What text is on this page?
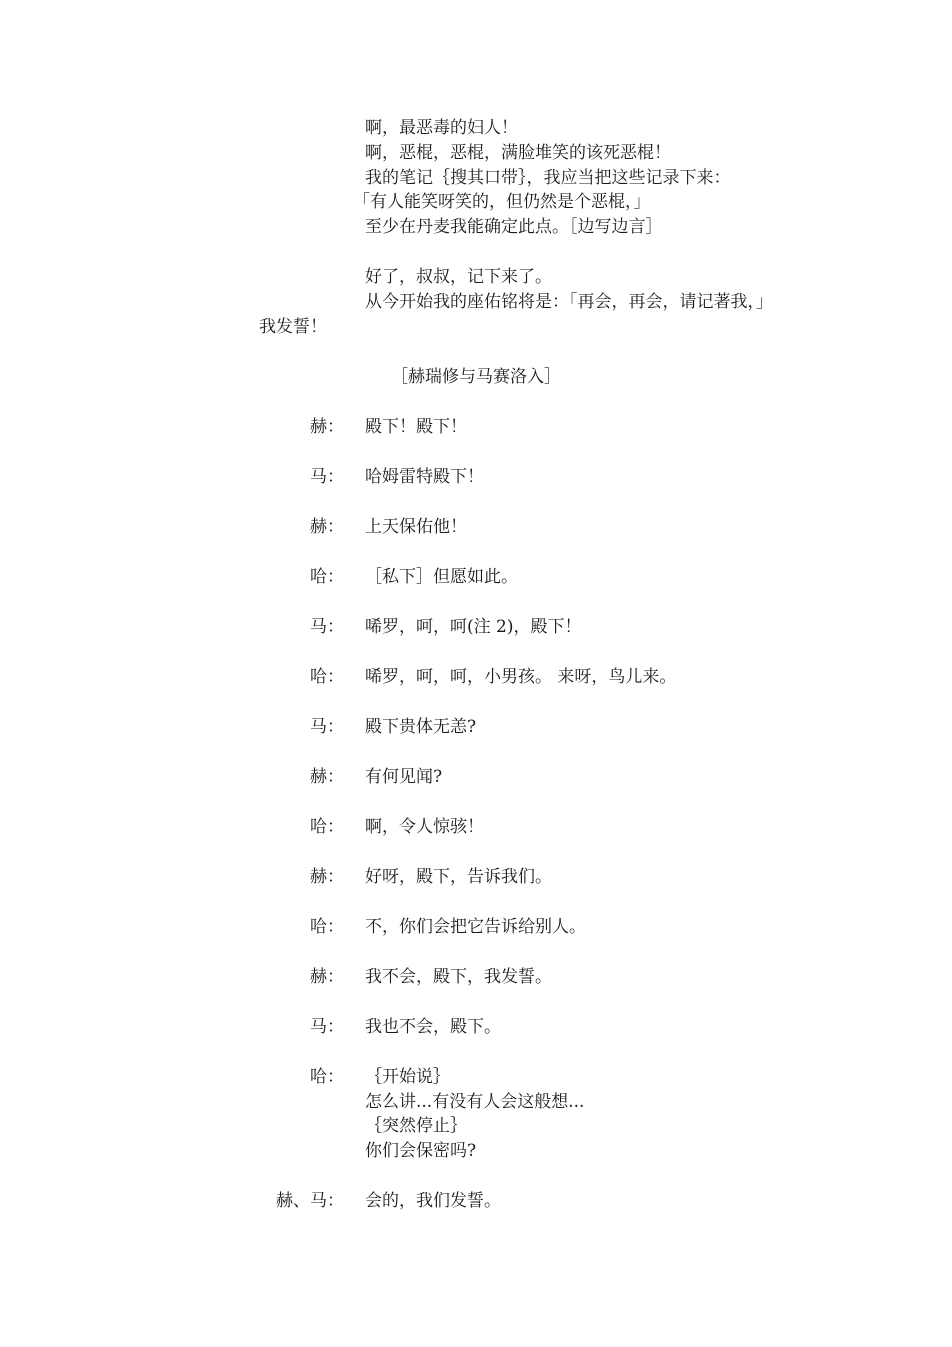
啊，最恶毒的妇人！
啊，恶棍，恶棍，满脸堆笑的该死恶棍！
我的笔记｛搜其口带｝，我应当把这些记录下来：
「有人能笑呀笑的，但仍然是个恶棍，」
至少在丹麦我能确定此点。［边写边言］
好了，叔叔，记下来了。
从今开始我的座佑铭将是：「再会，再会，请记著我，」
我发誓！
［赫瑞修与马赛洛入］
赫： 殿下！殿下！
马： 哈姆雷特殿下！
赫： 上天保佑他！
哈： ［私下］但愿如此。
马： 唏罗，呵，呵(注 2)，殿下！
哈： 唏罗，呵，呵，小男孩。 来呀，鸟儿来。
马： 殿下贵体无恙?
赫： 有何见闻?
哈： 啊，令人惊骇！
赫： 好呀，殿下，告诉我们。
哈： 不，你们会把它告诉给别人。
赫： 我不会，殿下，我发誓。
马： 我也不会，殿下。
哈： ｛开始说｝
怎么讲...有没有人会这般想...
｛突然停止｝
你们会保密吗?
赫、马： 会的，我们发誓。
